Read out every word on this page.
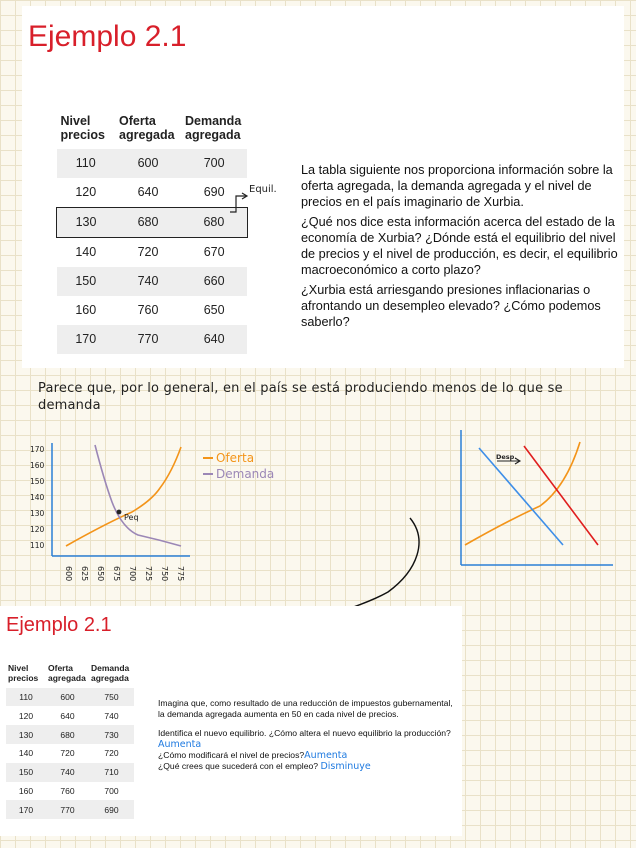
Ejemplo 2.1
Nivel precios	Oferta agregada	Demanda agregada
110	600	700
120	640	690
130	680	680
140	720	670
150	740	660
160	760	650
170	770	640

La tabla siguiente nos proporciona información sobre la oferta agregada, la demanda agregada y el nivel de precios en el país imaginario de Xurbia.

¿Qué nos dice esta información acerca del estado de la economía de Xurbia? ¿Dónde está el equilibrio del nivel de precios y el nivel de producción, es decir, el equilibrio macroeconómico a corto plazo?

¿Xurbia está arriesgando presiones inflacionarias o afrontando un desempleo elevado? ¿Cómo podemos saberlo?

Equil.
Parece que, por lo general, en el país se está produciendo menos de lo que se demanda
170
160
150
140
130
120
110
600 625 650 675 700 725 750 775
Peq
Oferta
Demanda
Desp.
Ejemplo 2.1
Nivel precios	Oferta agregada	Demanda agregada
110	600	750
120	640	740
130	680	730
140	720	720
150	740	710
160	760	700
170	770	690

Imagina que, como resultado de una reducción de impuestos gubernamental, la demanda agregada aumenta en 50 en cada nivel de precios.

Identifica el nuevo equilibrio. ¿Cómo altera el nuevo equilibrio la producción? Aumenta
¿Cómo modificará el nivel de precios?Aumenta
¿Qué crees que sucederá con el empleo? Disminuye
